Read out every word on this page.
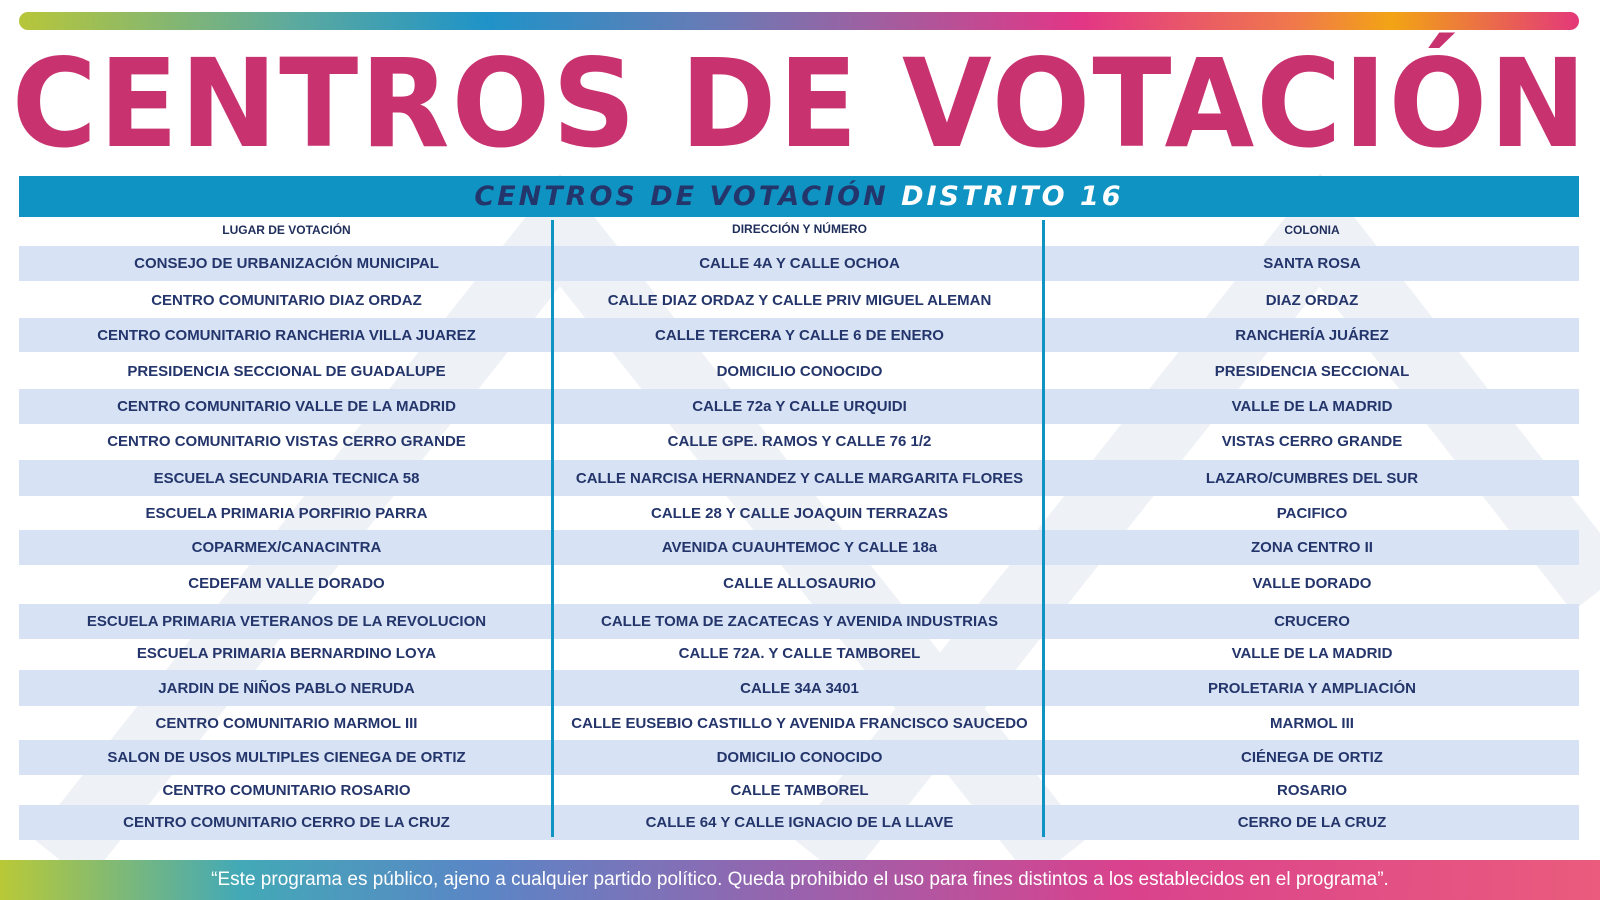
CENTROS DE VOTACIÓN
CENTROS DE VOTACIÓN DISTRITO 16
LUGAR DE VOTACIÓN	DIRECCIÓN Y NÚMERO	COLONIA
CONSEJO DE URBANIZACIÓN MUNICIPAL	CALLE 4A Y CALLE OCHOA	SANTA ROSA
CENTRO COMUNITARIO DIAZ ORDAZ	CALLE DIAZ ORDAZ Y CALLE PRIV MIGUEL ALEMAN	DIAZ ORDAZ
CENTRO COMUNITARIO RANCHERIA VILLA JUAREZ	CALLE TERCERA Y CALLE 6 DE ENERO	RANCHERÍA JUÁREZ
PRESIDENCIA SECCIONAL DE GUADALUPE	DOMICILIO CONOCIDO	PRESIDENCIA SECCIONAL
CENTRO COMUNITARIO VALLE DE LA MADRID	CALLE 72a Y CALLE URQUIDI	VALLE DE LA MADRID
CENTRO COMUNITARIO VISTAS CERRO GRANDE	CALLE GPE. RAMOS Y CALLE 76 1/2	VISTAS CERRO GRANDE
ESCUELA SECUNDARIA TECNICA 58	CALLE NARCISA HERNANDEZ Y CALLE MARGARITA FLORES	LAZARO/CUMBRES DEL SUR
ESCUELA PRIMARIA PORFIRIO PARRA	CALLE 28 Y CALLE JOAQUIN TERRAZAS	PACIFICO
COPARMEX/CANACINTRA	AVENIDA CUAUHTEMOC Y CALLE 18a	ZONA CENTRO II
CEDEFAM VALLE DORADO	CALLE ALLOSAURIO	VALLE DORADO
ESCUELA PRIMARIA VETERANOS DE LA REVOLUCION	CALLE TOMA DE ZACATECAS Y AVENIDA INDUSTRIAS	CRUCERO
ESCUELA PRIMARIA BERNARDINO LOYA	CALLE 72A. Y CALLE TAMBOREL	VALLE DE LA MADRID
JARDIN DE NIÑOS PABLO NERUDA	CALLE 34A 3401	PROLETARIA Y AMPLIACIÓN
CENTRO COMUNITARIO MARMOL III	CALLE EUSEBIO CASTILLO Y AVENIDA FRANCISCO SAUCEDO	MARMOL III
SALON DE USOS MULTIPLES CIENEGA DE ORTIZ	DOMICILIO CONOCIDO	CIÉNEGA DE ORTIZ
CENTRO COMUNITARIO ROSARIO	CALLE TAMBOREL	ROSARIO
CENTRO COMUNITARIO CERRO DE LA CRUZ	CALLE 64 Y CALLE IGNACIO DE LA LLAVE	CERRO DE LA CRUZ
“Este programa es público, ajeno a cualquier partido político. Queda prohibido el uso para fines distintos a los establecidos en el programa”.
